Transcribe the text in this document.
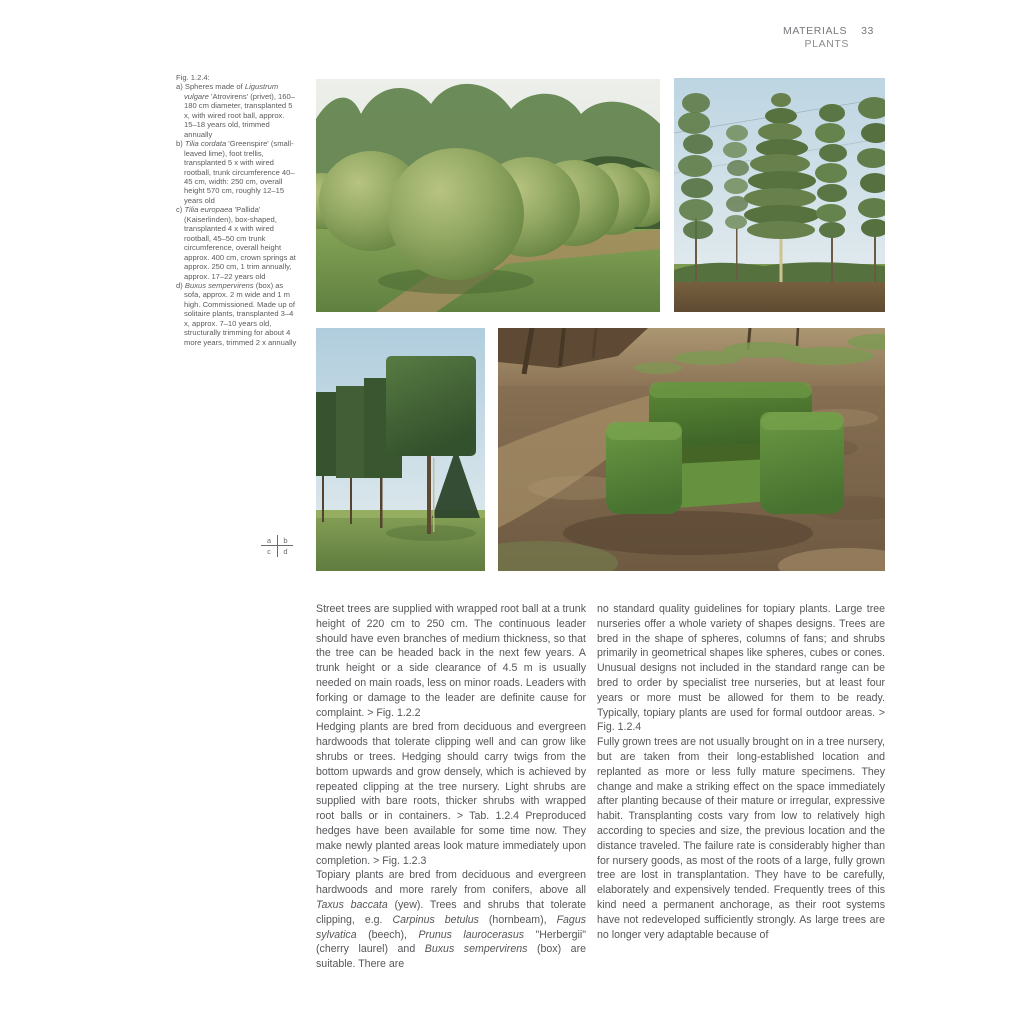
MATERIALS 33
PLANTS
Fig. 1.2.4:
a) Spheres made of Ligustrum vulgare 'Atrovirens' (privet), 160–180 cm diameter, transplanted 5 x, with wired root ball, approx. 15–18 years old, trimmed annually
b) Tilia cordata 'Greenspire' (small-leaved lime), foot trellis, transplanted 5 x with wired rootball, trunk circumference 40–45 cm, width: 250 cm, overall height 570 cm, roughly 12–15 years old
c) Tilia europaea 'Pallida' (Kaiserlinden), box-shaped, transplanted 4 x with wired rootball, 45–50 cm trunk circumference, overall height approx. 400 cm, crown springs at approx. 250 cm, 1 trim annually, approx. 17–22 years old
d) Buxus sempervirens (box) as sofa, approx. 2 m wide and 1 m high. Commissioned. Made up of solitaire plants, transplanted 3–4 x, approx. 7–10 years old, structurally trimming for about 4 more years, trimmed 2 x annually
a	b
c	d

Street trees are supplied with wrapped root ball at a trunk height of 220 cm to 250 cm. The continuous leader should have even branches of medium thickness, so that the tree can be headed back in the next few years. A trunk height or a side clearance of 4.5 m is usually needed on main roads, less on minor roads. Leaders with forking or damage to the leader are definite cause for complaint. > Fig. 1.2.2

Hedging plants are bred from deciduous and evergreen hardwoods that tolerate clipping well and can grow like shrubs or trees. Hedging should carry twigs from the bottom upwards and grow densely, which is achieved by repeated clipping at the tree nursery. Light shrubs are supplied with bare roots, thicker shrubs with wrapped root balls or in containers. > Tab. 1.2.4 Preproduced hedges have been available for some time now. They make newly planted areas look mature immediately upon completion. > Fig. 1.2.3

Topiary plants are bred from deciduous and evergreen hardwoods and more rarely from conifers, above all Taxus baccata (yew). Trees and shrubs that tolerate clipping, e.g. Carpinus betulus (hornbeam), Fagus sylvatica (beech), Prunus laurocerasus "Herbergii" (cherry laurel) and Buxus sempervirens (box) are suitable. There are

no standard quality guidelines for topiary plants. Large tree nurseries offer a whole variety of shapes designs. Trees are bred in the shape of spheres, columns of fans; and shrubs primarily in geometrical shapes like spheres, cubes or cones. Unusual designs not included in the standard range can be bred to order by specialist tree nurseries, but at least four years or more must be allowed for them to be ready. Typically, topiary plants are used for formal outdoor areas. > Fig. 1.2.4

Fully grown trees are not usually brought on in a tree nursery, but are taken from their long-established location and replanted as more or less fully mature specimens. They change and make a striking effect on the space immediately after planting because of their mature or irregular, expressive habit. Transplanting costs vary from low to relatively high according to species and size, the previous location and the distance traveled. The failure rate is considerably higher than for nursery goods, as most of the roots of a large, fully grown tree are lost in transplantation. They have to be carefully, elaborately and expensively tended. Frequently trees of this kind need a permanent anchorage, as their root systems have not redeveloped sufficiently strongly. As large trees are no longer very adaptable because of
